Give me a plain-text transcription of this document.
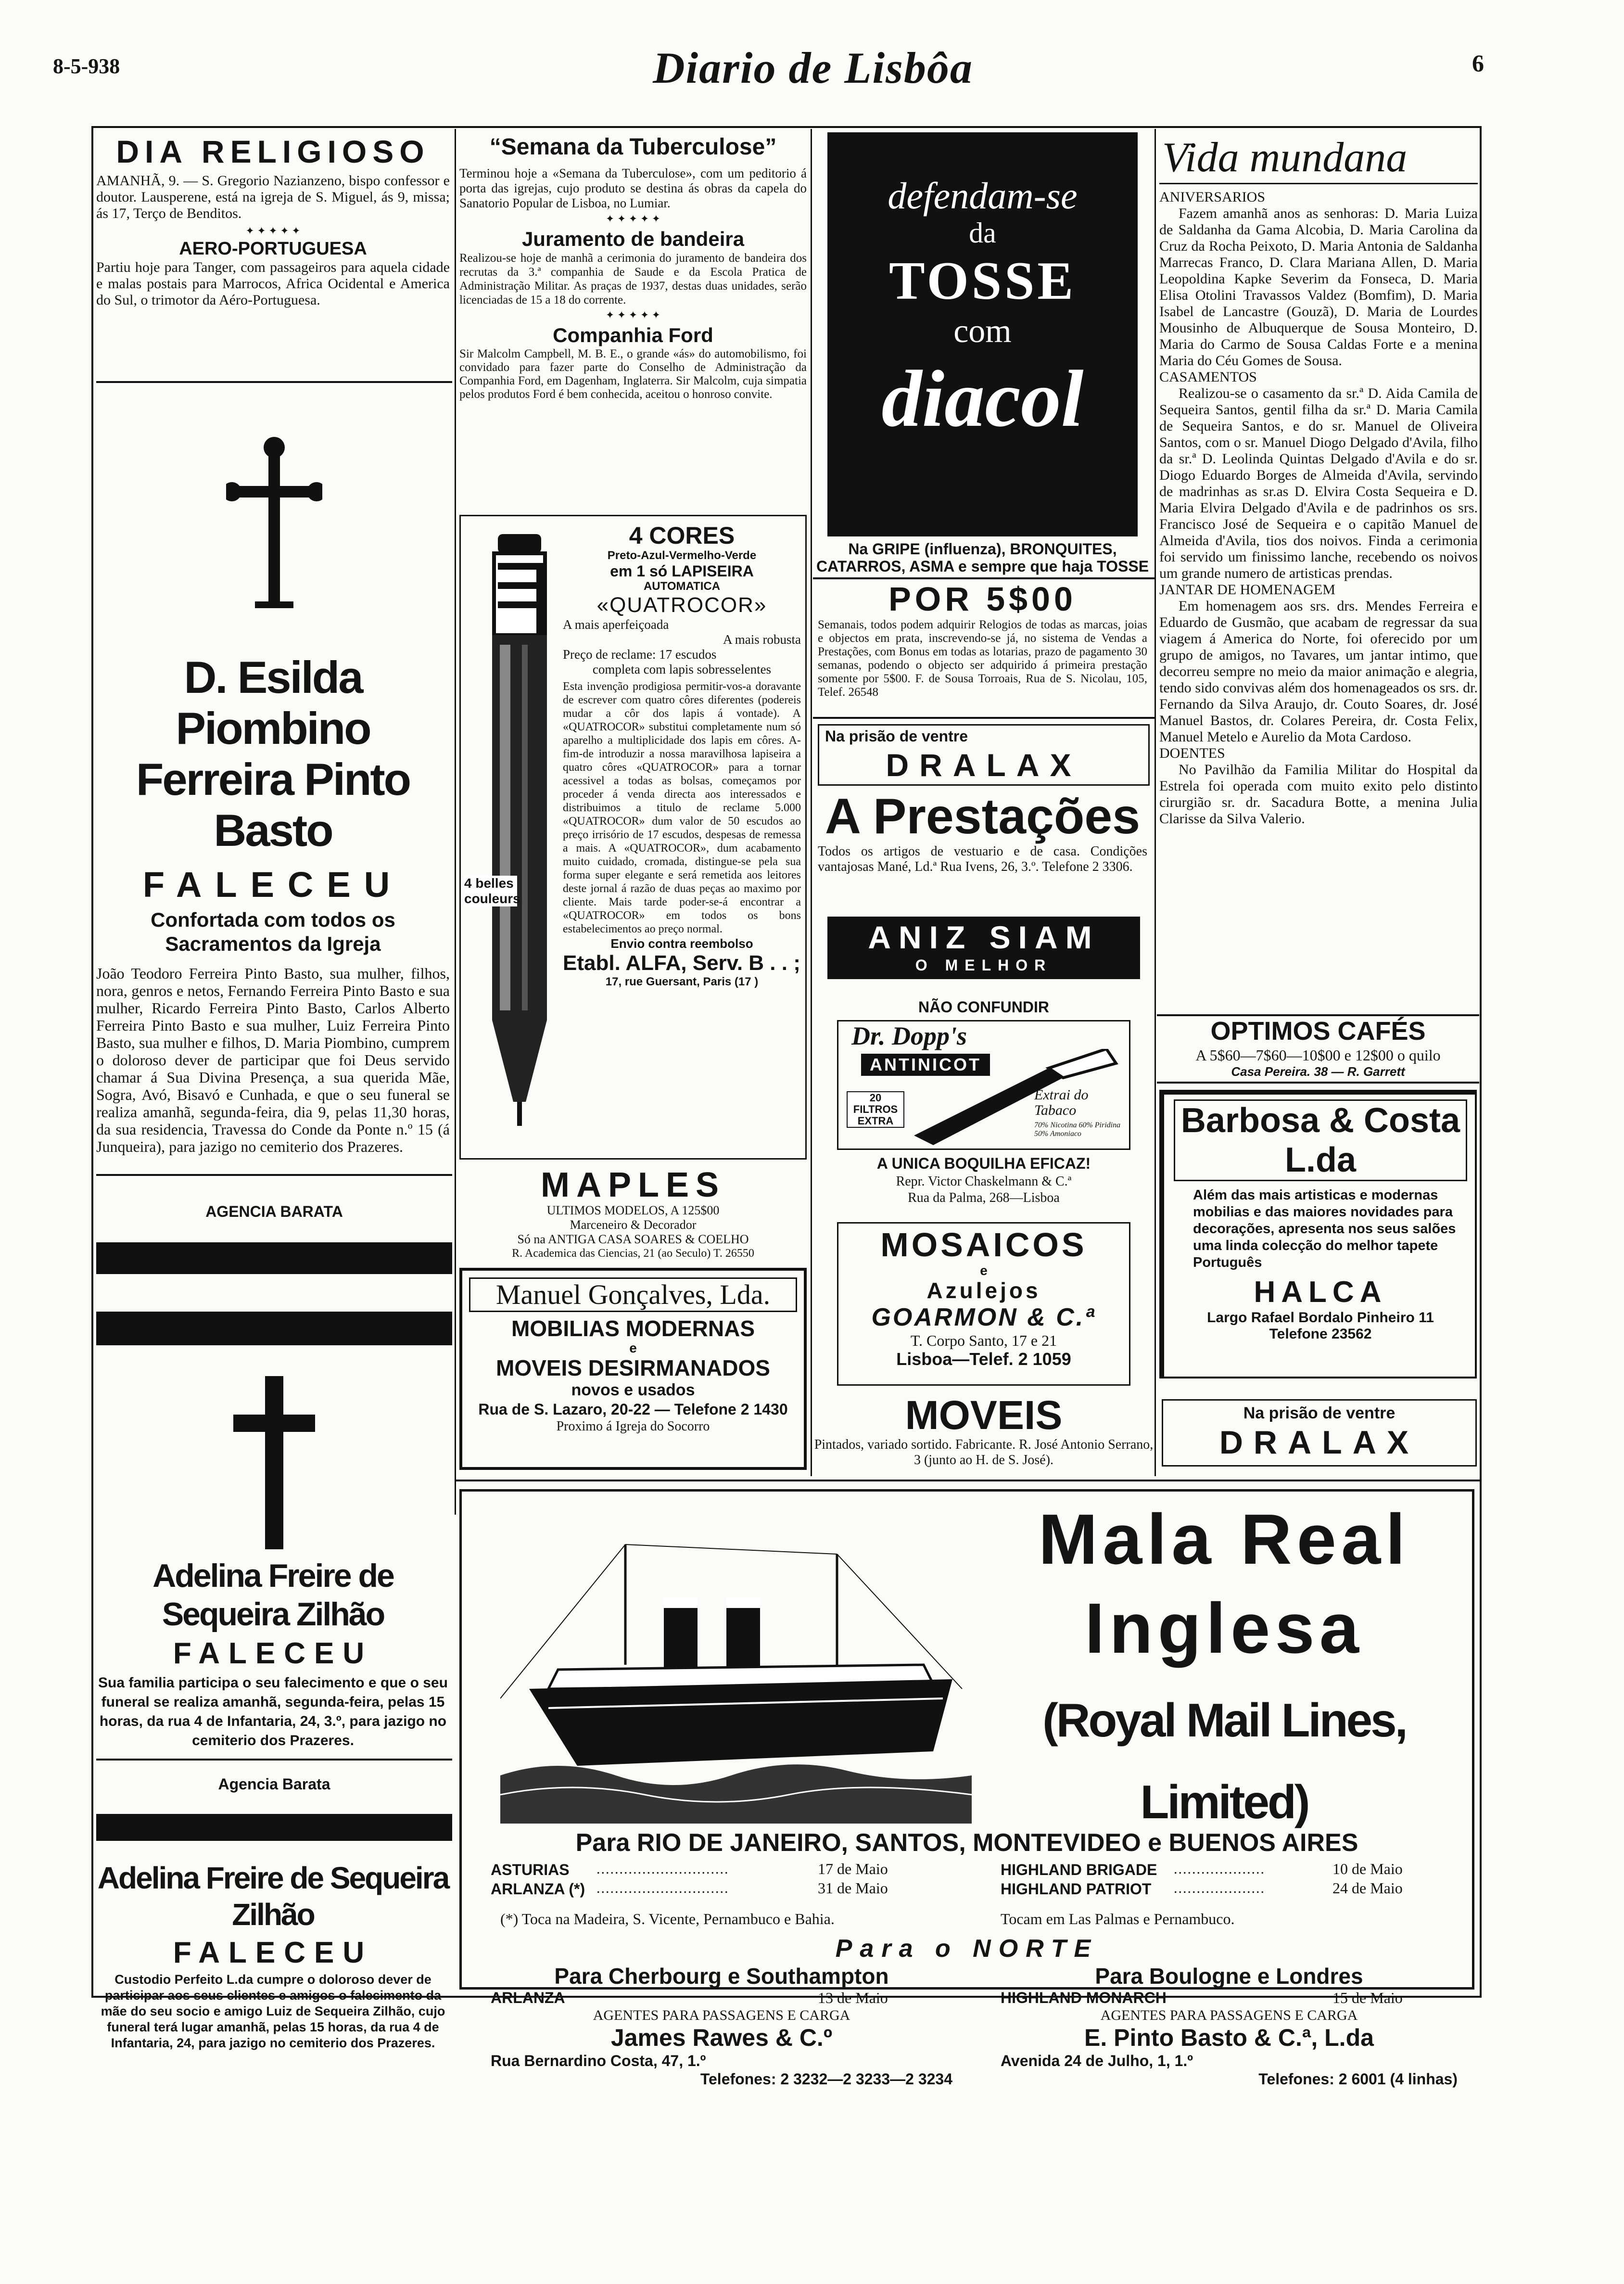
8-5-938	Diario de Lisbôa	6
DIA RELIGIOSO

AMANHÃ, 9. — S. Gregorio Nazianzeno, bispo confessor e doutor. Lausperene, está na igreja de S. Miguel, ás 9, missa; ás 17, Terço de Benditos.

✦ ✦ ✦ ✦ ✦
AERO-PORTUGUESA

Partiu hoje para Tanger, com passageiros para aquela cidade e malas postais para Marrocos, Africa Ocidental e America do Sul, o trimotor da Aéro-Portuguesa.

D. Esilda Piombino Ferreira Pinto Basto
FALECEU
Confortada com todos os Sacramentos da Igreja

João Teodoro Ferreira Pinto Basto, sua mulher, filhos, nora, genros e netos, Fernando Ferreira Pinto Basto e sua mulher, Ricardo Ferreira Pinto Basto, Carlos Alberto Ferreira Pinto Basto e sua mulher, Luiz Ferreira Pinto Basto, sua mulher e filhos, D. Maria Piombino, cumprem o doloroso dever de participar que foi Deus servido chamar á Sua Divina Presença, a sua querida Mãe, Sogra, Avó, Bisavó e Cunhada, e que o seu funeral se realiza amanhã, segunda-feira, dia 9, pelas 11,30 horas, da sua residencia, Travessa do Conde da Ponte n.º 15 (á Junqueira), para jazigo no cemiterio dos Prazeres.

AGENCIA BARATA
Adelina Freire de Sequeira Zilhão
FALECEU

Sua familia participa o seu falecimento e que o seu funeral se realiza amanhã, segunda-feira, pelas 15 horas, da rua 4 de Infantaria, 24, 3.º, para jazigo no cemiterio dos Prazeres.

Agencia Barata
Adelina Freire de Sequeira Zilhão
FALECEU

Custodio Perfeito L.da cumpre o doloroso dever de participar aos seus clientes e amigos o falecimento da mãe do seu socio e amigo Luiz de Sequeira Zilhão, cujo funeral terá lugar amanhã, pelas 15 horas, da rua 4 de Infantaria, 24, para jazigo no cemiterio dos Prazeres.

“Semana da Tuberculose”

Terminou hoje a «Semana da Tuberculose», com um peditorio á porta das igrejas, cujo produto se destina ás obras da capela do Sanatorio Popular de Lisboa, no Lumiar.

✦ ✦ ✦ ✦ ✦
Juramento de bandeira

Realizou-se hoje de manhã a cerimonia do juramento de bandeira dos recrutas da 3.ª companhia de Saude e da Escola Pratica de Administração Militar. As praças de 1937, destas duas unidades, serão licenciadas de 15 a 18 do corrente.

✦ ✦ ✦ ✦ ✦
Companhia Ford

Sir Malcolm Campbell, M. B. E., o grande «ás» do automobilismo, foi convidado para fazer parte do Conselho de Administração da Companhia Ford, em Dagenham, Inglaterra. Sir Malcolm, cuja simpatia pelos produtos Ford é bem conhecida, aceitou o honroso convite.

4 belles couleurs
4 CORES
Preto-Azul-Vermelho-Verde
em 1 só LAPISEIRA
AUTOMATICA
«QUATROCOR»

A mais aperfeiçoada

A mais robusta

Preço de reclame: 17 escudos

completa com lapis sobresselentes

Esta invenção prodigiosa permitir-vos-a doravante de escrever com quatro côres diferentes (podereis mudar a côr dos lapis á vontade). A «QUATROCOR» substitui completamente num só aparelho a multiplicidade dos lapis em côres. A-fim-de introduzir a nossa maravilhosa lapiseira a quatro côres «QUATROCOR» para a tornar acessivel a todas as bolsas, começamos por proceder á venda directa aos interessados e distribuimos a titulo de reclame 5.000 «QUATROCOR» dum valor de 50 escudos ao preço irrisório de 17 escudos, despesas de remessa a mais. A «QUATROCOR», dum acabamento muito cuidado, cromada, distingue-se pela sua forma super elegante e será remetida aos leitores deste jornal á razão de duas peças ao maximo por cliente. Mais tarde poder-se-á encontrar a «QUATROCOR» em todos os bons estabelecimentos ao preço normal.

Envio contra reembolso
Etabl. ALFA, Serv. B . . ;
17, rue Guersant, Paris (17 )
MAPLES

ULTIMOS MODELOS, A 125$00

Marceneiro & Decorador

Só na ANTIGA CASA SOARES & COELHO

R. Academica das Ciencias, 21 (ao Seculo) T. 26550

Manuel Gonçalves, Lda.
MOBILIAS MODERNAS
e
MOVEIS DESIRMANADOS
novos e usados
Rua de S. Lazaro, 20-22 — Telefone 2 1430
Proximo á Igreja do Socorro
defendam-se
da
TOSSE
com
diacol
Na GRIPE (influenza), BRONQUITES, CATARROS, ASMA e sempre que haja TOSSE
POR 5$00

Semanais, todos podem adquirir Relogios de todas as marcas, joias e objectos em prata, inscrevendo-se já, no sistema de Vendas a Prestações, com Bonus em todas as lotarias, prazo de pagamento 30 semanas, podendo o objecto ser adquirido á primeira prestação somente por 5$00. F. de Sousa Torroais, Rua de S. Nicolau, 105, Telef. 26548

Na prisão de ventre
DRALAX
A Prestações

Todos os artigos de vestuario e de casa. Condições vantajosas Mané, Ld.ª Rua Ivens, 26, 3.º. Telefone 2 3306.

ANIZ SIAM
O MELHOR
NÃO CONFUNDIR
Dr. Dopp's
ANTINICOT
20 FILTROS EXTRA
Extrai do Tabaco
70% Nicotina 60% Piridina 50% Amoniaco
A UNICA BOQUILHA EFICAZ!
Repr. Victor Chaskelmann & C.ª
Rua da Palma, 268—Lisboa
MOSAICOS
e
Azulejos
GOARMON & C.ª
T. Corpo Santo, 17 e 21
Lisboa—Telef. 2 1059
MOVEIS

Pintados, variado sortido. Fabricante. R. José Antonio Serrano, 3 (junto ao H. de S. José).

Vida mundana
ANIVERSARIOS

Fazem amanhã anos as senhoras: D. Maria Luiza de Saldanha da Gama Alcobia, D. Maria Carolina da Cruz da Rocha Peixoto, D. Maria Antonia de Saldanha Marrecas Franco, D. Clara Mariana Allen, D. Maria Leopoldina Kapke Severim da Fonseca, D. Maria Elisa Otolini Travassos Valdez (Bomfim), D. Maria Isabel de Lancastre (Gouzã), D. Maria de Lourdes Mousinho de Albuquerque de Sousa Monteiro, D. Maria do Carmo de Sousa Caldas Forte e a menina Maria do Céu Gomes de Sousa.

CASAMENTOS

Realizou-se o casamento da sr.ª D. Aida Camila de Sequeira Santos, gentil filha da sr.ª D. Maria Camila de Sequeira Santos, e do sr. Manuel de Oliveira Santos, com o sr. Manuel Diogo Delgado d'Avila, filho da sr.ª D. Leolinda Quintas Delgado d'Avila e do sr. Diogo Eduardo Borges de Almeida d'Avila, servindo de madrinhas as sr.as D. Elvira Costa Sequeira e D. Maria Elvira Delgado d'Avila e de padrinhos os srs. Francisco José de Sequeira e o capitão Manuel de Almeida d'Avila, tios dos noivos. Finda a cerimonia foi servido um finissimo lanche, recebendo os noivos um grande numero de artisticas prendas.

JANTAR DE HOMENAGEM

Em homenagem aos srs. drs. Mendes Ferreira e Eduardo de Gusmão, que acabam de regressar da sua viagem á America do Norte, foi oferecido por um grupo de amigos, no Tavares, um jantar intimo, que decorreu sempre no meio da maior animação e alegria, tendo sido convivas além dos homenageados os srs. dr. Fernando da Silva Araujo, dr. Couto Soares, dr. José Manuel Bastos, dr. Colares Pereira, dr. Costa Felix, Manuel Metelo e Aurelio da Mota Cardoso.

DOENTES

No Pavilhão da Familia Militar do Hospital da Estrela foi operada com muito exito pelo distinto cirurgião sr. dr. Sacadura Botte, a menina Julia Clarisse da Silva Valerio.

OPTIMOS CAFÉS
A 5$60—7$60—10$00 e 12$00 o quilo
Casa Pereira. 38 — R. Garrett
Barbosa & Costa L.da

Além das mais artisticas e modernas mobilias e das maiores novidades para decorações, apresenta nos seus salões uma linda colecção do melhor tapete Português

HALCA
Largo Rafael Bordalo Pinheiro 11 Telefone 23562
Na prisão de ventre
DRALAX
Mala Real
Inglesa
(Royal Mail Lines, Limited)
Para RIO DE JANEIRO, SANTOS, MONTEVIDEO e BUENOS AIRES
ASTURIAS .............................	17 de Maio
ARLANZA (*) .............................	31 de Maio
HIGHLAND BRIGADE ....................	10 de Maio
HIGHLAND PATRIOT ....................	24 de Maio
(*) Toca na Madeira, S. Vicente, Pernambuco e Bahia.	Tocam em Las Palmas e Pernambuco.
Para o NORTE
Para Cherbourg e Southampton
ARLANZA	13 de Maio
AGENTES PARA PASSAGENS E CARGA
James Rawes & C.º
Rua Bernardino Costa, 47, 1.º
Telefones: 2 3232—2 3233—2 3234
Para Boulogne e Londres
HIGHLAND MONARCH	15 de Maio
AGENTES PARA PASSAGENS E CARGA
E. Pinto Basto & C.ª, L.da
Avenida 24 de Julho, 1, 1.º
Telefones: 2 6001 (4 linhas)
